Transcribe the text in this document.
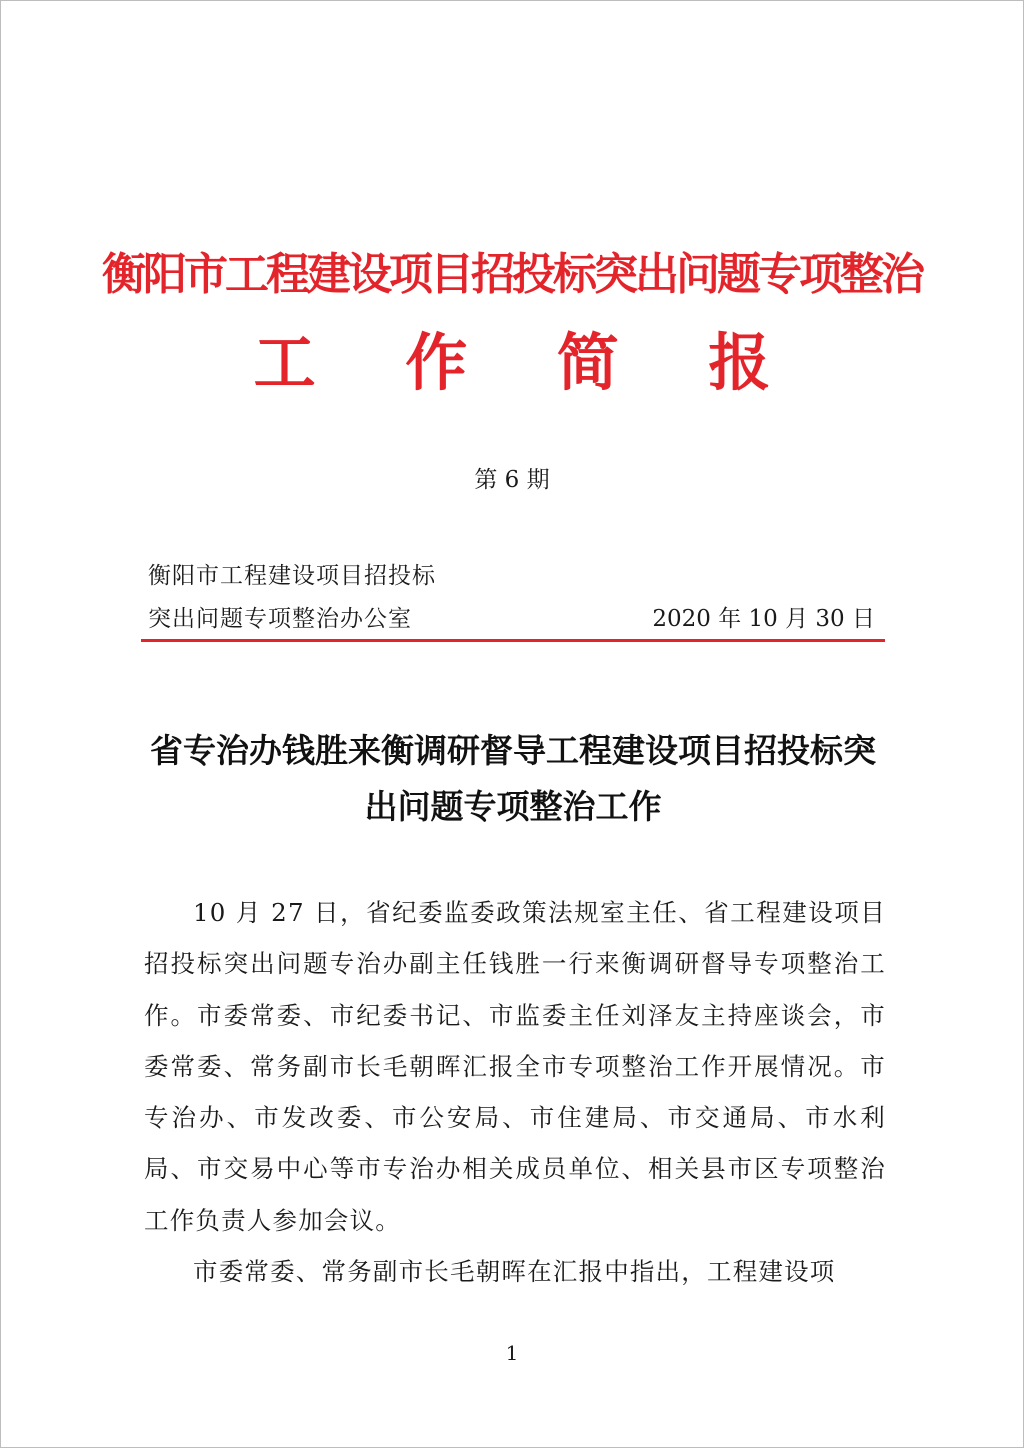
衡阳市工程建设项目招投标突出问题专项整治
工 作 简 报
第 6 期
衡阳市工程建设项目招投标
突出问题专项整治办公室	2020 年 10 月 30 日
省专治办钱胜来衡调研督导工程建设项目招投标突出问题专项整治工作

10 月 27 日，省纪委监委政策法规室主任、省工程建设项目招投标突出问题专治办副主任钱胜一行来衡调研督导专项整治工作。市委常委、市纪委书记、市监委主任刘泽友主持座谈会，市委常委、常务副市长毛朝晖汇报全市专项整治工作开展情况。市专治办、市发改委、市公安局、市住建局、市交通局、市水利局、市交易中心等市专治办相关成员单位、相关县市区专项整治工作负责人参加会议。

市委常委、常务副市长毛朝晖在汇报中指出，工程建设项

1
